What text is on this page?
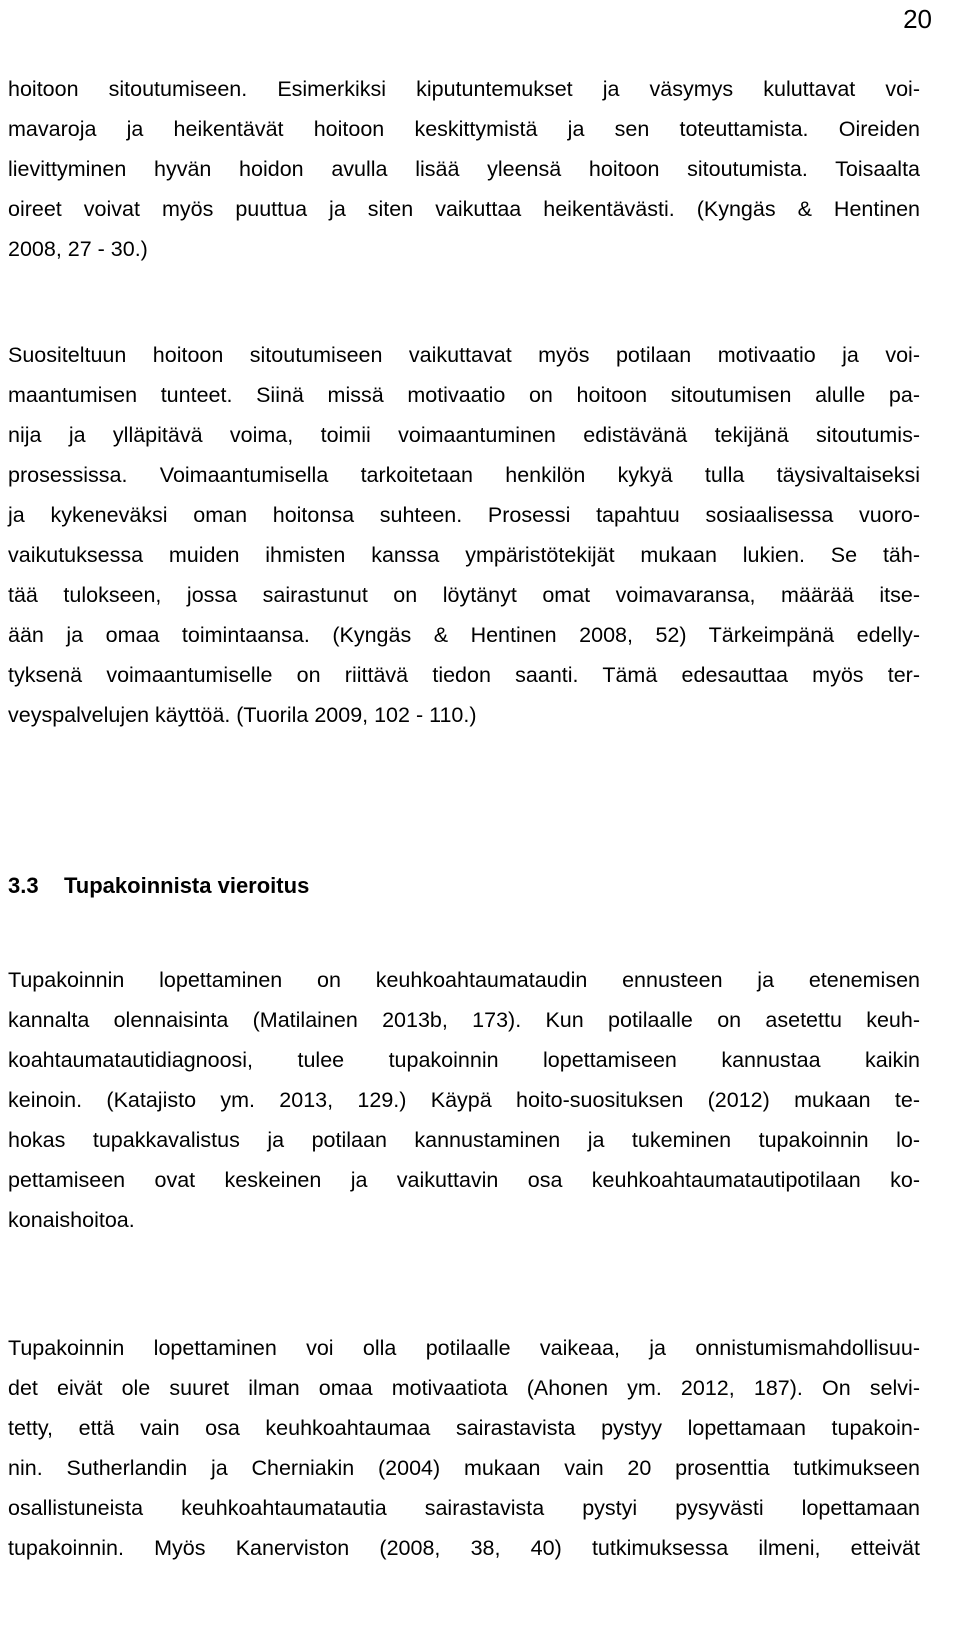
20
hoitoon sitoutumiseen. Esimerkiksi kiputuntemukset ja väsymys kuluttavat voi-
mavaroja ja heikentävät hoitoon keskittymistä ja sen toteuttamista. Oireiden
lievittyminen hyvän hoidon avulla lisää yleensä hoitoon sitoutumista. Toisaalta
oireet voivat myös puuttua ja siten vaikuttaa heikentävästi. (Kyngäs & Hentinen
2008, 27 - 30.)
Suositeltuun hoitoon sitoutumiseen vaikuttavat myös potilaan motivaatio ja voi-
maantumisen tunteet. Siinä missä motivaatio on hoitoon sitoutumisen alulle pa-
nija ja ylläpitävä voima, toimii voimaantuminen edistävänä tekijänä sitoutumis-
prosessissa. Voimaantumisella tarkoitetaan henkilön kykyä tulla täysivaltaiseksi
ja kykeneväksi oman hoitonsa suhteen. Prosessi tapahtuu sosiaalisessa vuoro-
vaikutuksessa muiden ihmisten kanssa ympäristötekijät mukaan lukien. Se täh-
tää tulokseen, jossa sairastunut on löytänyt omat voimavaransa, määrää itse-
ään ja omaa toimintaansa. (Kyngäs & Hentinen 2008, 52) Tärkeimpänä edelly-
tyksenä voimaantumiselle on riittävä tiedon saanti. Tämä edesauttaa myös ter-
veyspalvelujen käyttöä. (Tuorila 2009, 102 - 110.)
3.3 Tupakoinnista vieroitus
Tupakoinnin lopettaminen on keuhkoahtaumataudin ennusteen ja etenemisen
kannalta olennaisinta (Matilainen 2013b, 173). Kun potilaalle on asetettu keuh-
koahtaumatautidiagnoosi, tulee tupakoinnin lopettamiseen kannustaa kaikin
keinoin. (Katajisto ym. 2013, 129.) Käypä hoito-suosituksen (2012) mukaan te-
hokas tupakkavalistus ja potilaan kannustaminen ja tukeminen tupakoinnin lo-
pettamiseen ovat keskeinen ja vaikuttavin osa keuhkoahtaumatautipotilaan ko-
konaishoitoa.
Tupakoinnin lopettaminen voi olla potilaalle vaikeaa, ja onnistumismahdollisuu-
det eivät ole suuret ilman omaa motivaatiota (Ahonen ym. 2012, 187). On selvi-
tetty, että vain osa keuhkoahtaumaa sairastavista pystyy lopettamaan tupakoin-
nin. Sutherlandin ja Cherniakin (2004) mukaan vain 20 prosenttia tutkimukseen
osallistuneista keuhkoahtaumatautia sairastavista pystyi pysyvästi lopettamaan
tupakoinnin. Myös Kanerviston (2008, 38, 40) tutkimuksessa ilmeni, etteivät
